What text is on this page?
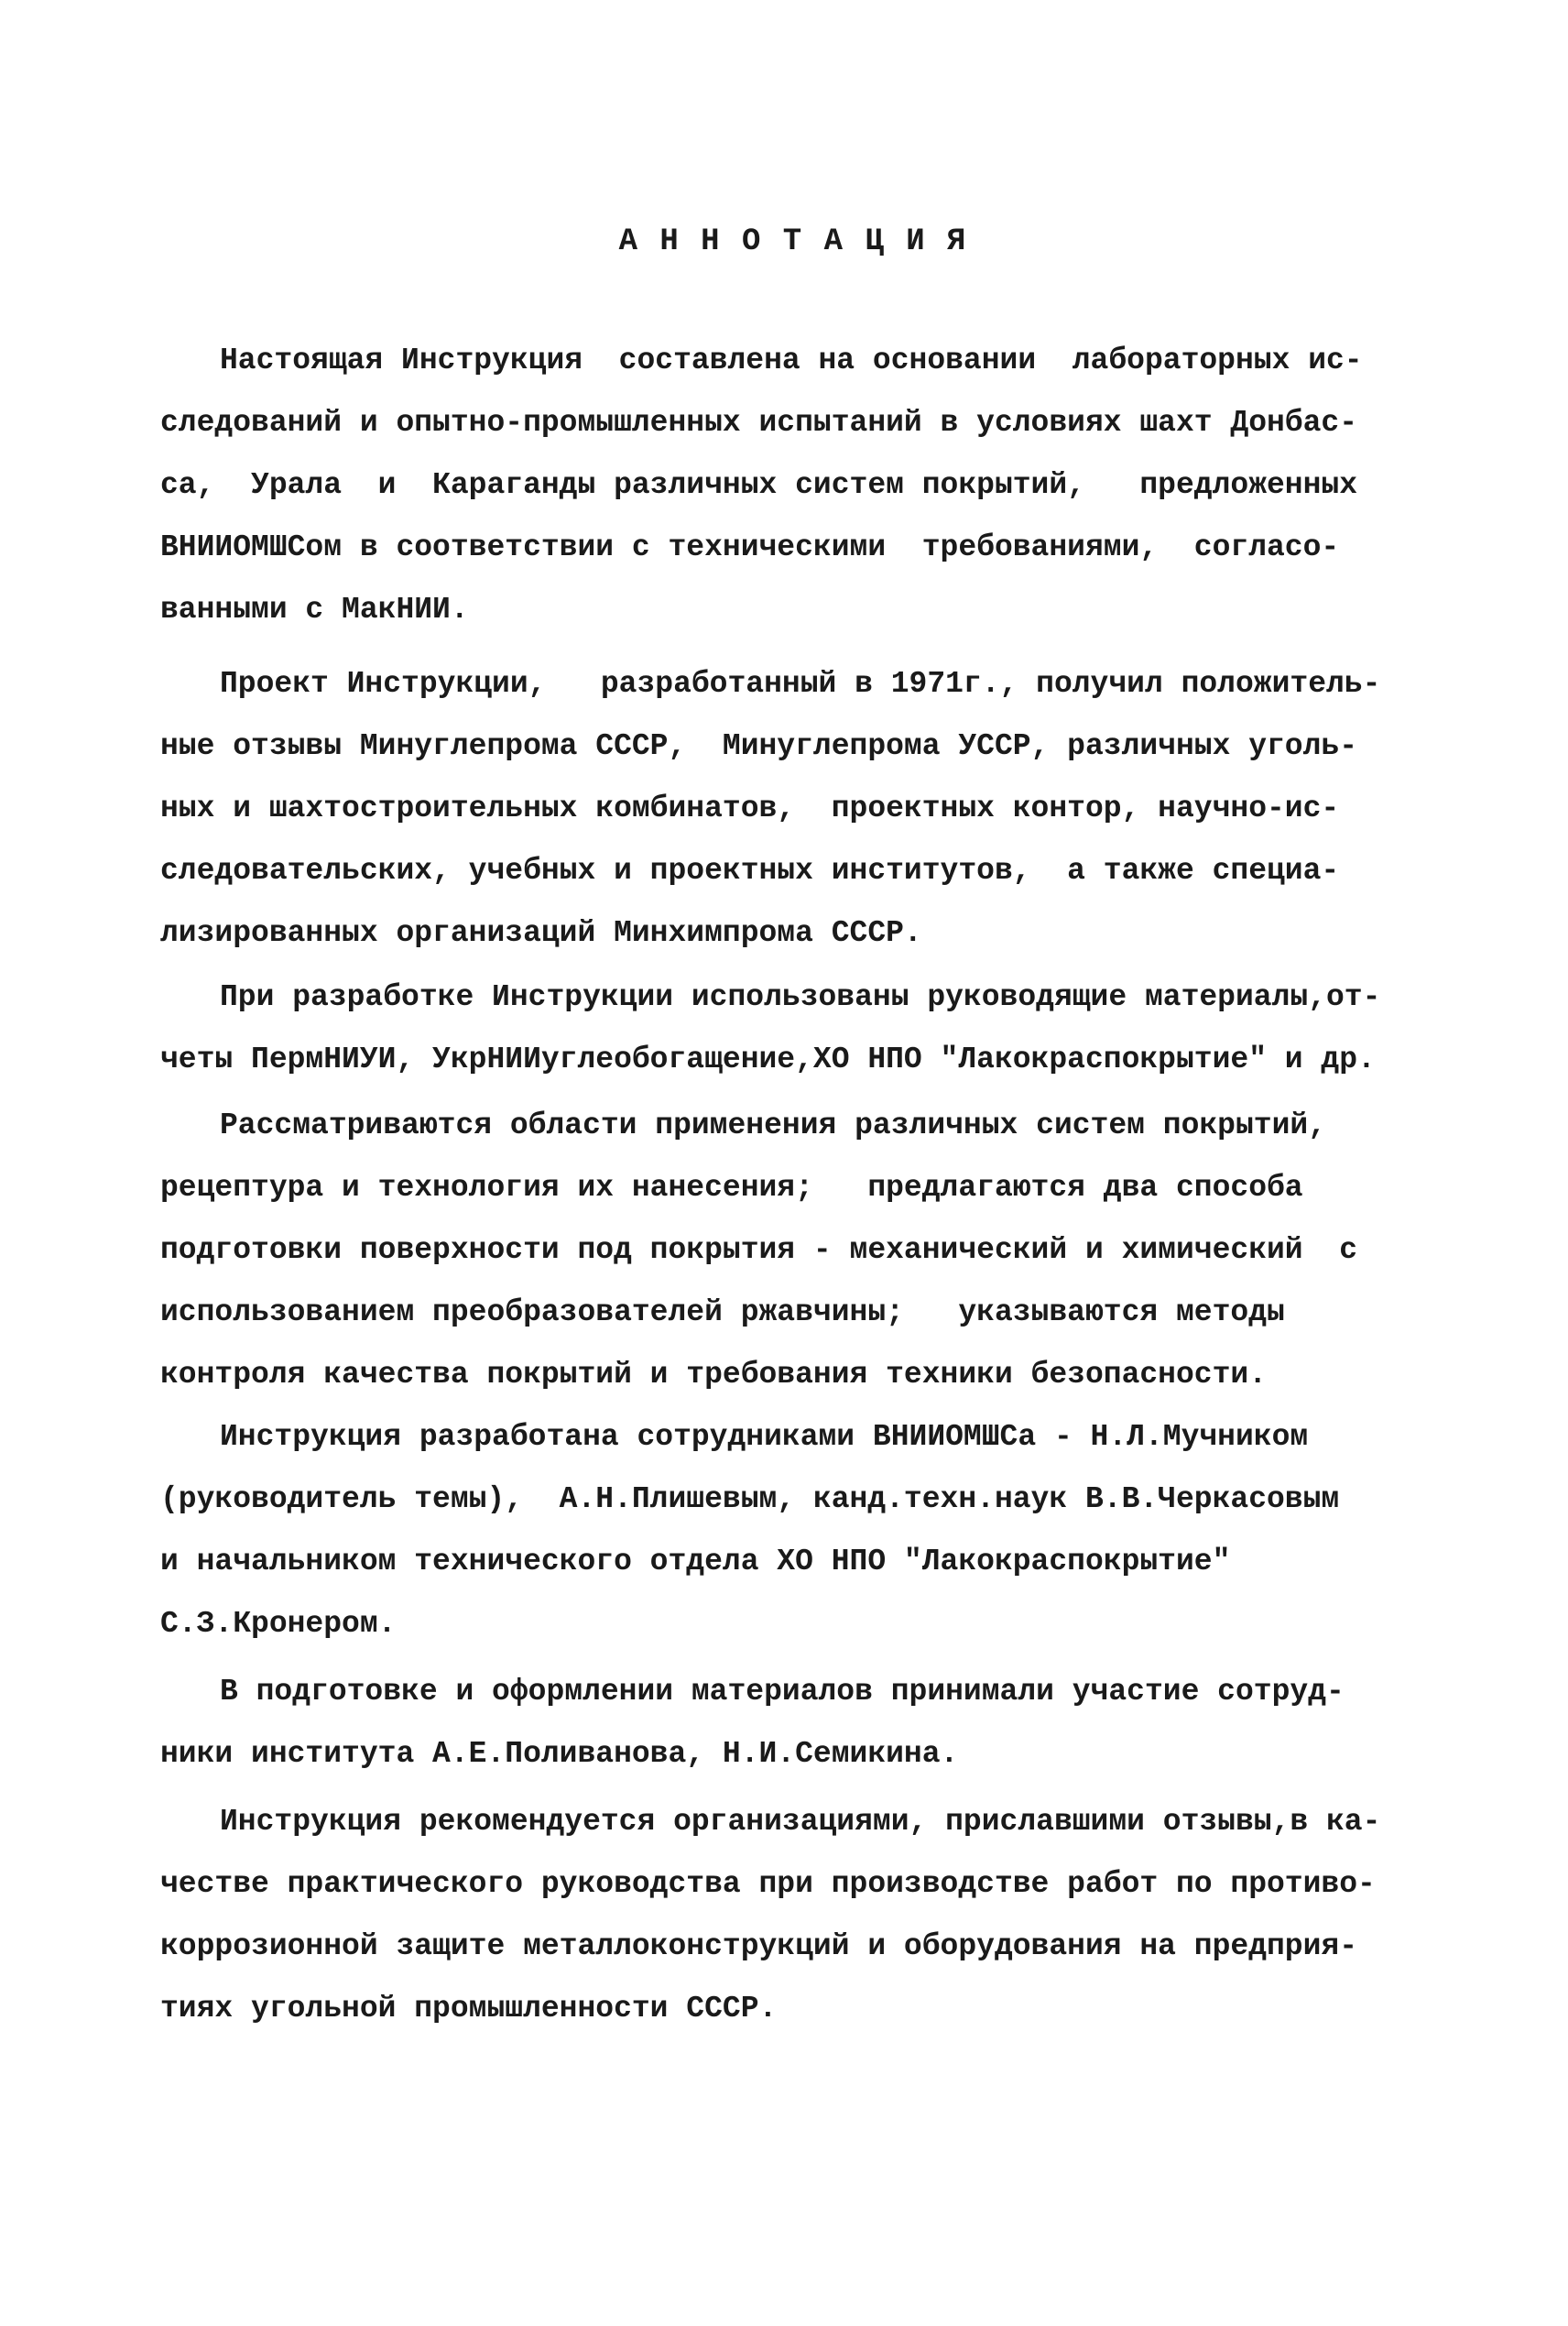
А Н Н О Т А Ц И Я
Настоящая Инструкция  составлена на основании  лабораторных ис-
следований и опытно-промышленных испытаний в условиях шахт Донбас-
са,  Урала  и  Караганды различных систем покрытий,   предложенных
ВНИИОМШСом в соответствии с техническими  требованиями,  согласо-
ванными с МакНИИ.
Проект Инструкции,   разработанный в 1971г., получил положитель-
ные отзывы Минуглепрома СССР,  Минуглепрома УССР, различных уголь-
ных и шахтостроительных комбинатов,  проектных контор, научно-ис-
следовательских, учебных и проектных институтов,  а также специа-
лизированных организаций Минхимпрома СССР.
При разработке Инструкции использованы руководящие материалы,от-
четы ПермНИУИ, УкрНИИуглеобогащение,ХО НПО "Лакокраспокрытие" и др.
Рассматриваются области применения различных систем покрытий,
рецептура и технология их нанесения;   предлагаются два способа
подготовки поверхности под покрытия - механический и химический  с
использованием преобразователей ржавчины;   указываются методы
контроля качества покрытий и требования техники безопасности.
Инструкция разработана сотрудниками ВНИИОМШСа - Н.Л.Мучником
(руководитель темы),  А.Н.Плишевым, канд.техн.наук В.В.Черкасовым
и начальником технического отдела ХО НПО "Лакокраспокрытие"
С.З.Кронером.
В подготовке и оформлении материалов принимали участие сотруд-
ники института А.Е.Поливанова, Н.И.Семикина.
Инструкция рекомендуется организациями, приславшими отзывы,в ка-
честве практического руководства при производстве работ по противо-
коррозионной защите металлоконструкций и оборудования на предприя-
тиях угольной промышленности СССР.
